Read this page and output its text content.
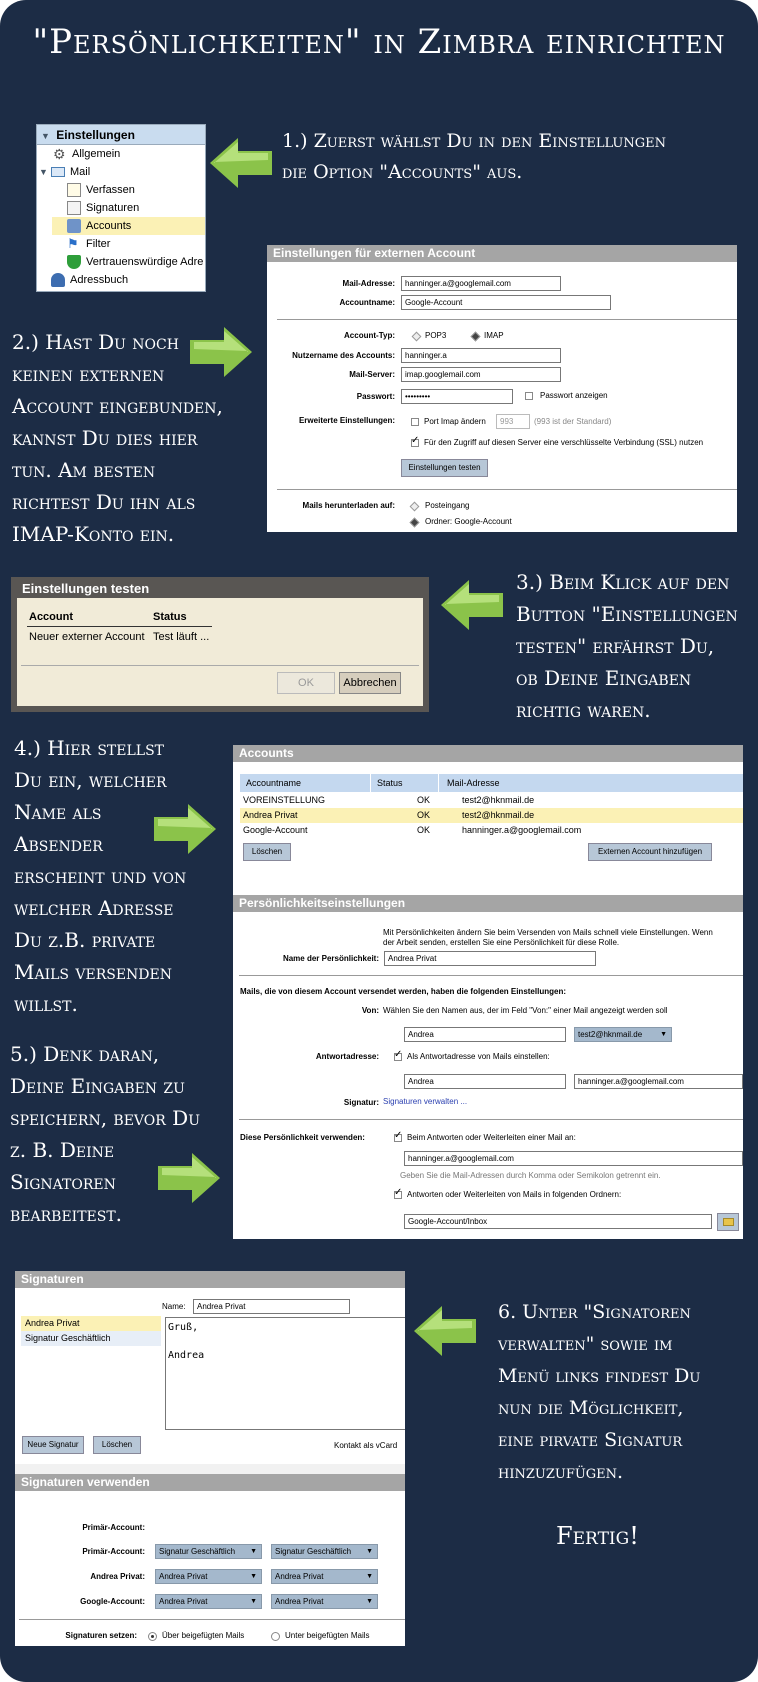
"Persönlichkeiten" in Zimbra einrichten
▼ Einstellungen
⚙ Allgemein
▼ Mail
Verfassen
Signaturen
Accounts
⚑ Filter
Vertrauenswürdige Adre
Adressbuch
1.) Zuerst wählst Du in den Einstellungen
die Option "Accounts" aus.
2.) Hast Du noch
keinen externen
Account eingebunden,
kannst Du dies hier
tun. Am besten
richtest Du ihn als
IMAP-Konto ein.
Einstellungen für externen Account
Mail-Adresse:	hanninger.a@googlemail.com
Accountname:	Google-Account
Account-Typ:	POP3	IMAP
Nutzername des Accounts:	hanninger.a
Mail-Server:	imap.googlemail.com
Passwort:	•••••••••	Passwort anzeigen
Erweiterte Einstellungen:	Port Imap ändern	993	(993 ist der Standard)
✓
Für den Zugriff auf diesen Server eine verschlüsselte Verbindung (SSL) nutzen
Einstellungen testen
Mails herunterladen auf:	Posteingang
Ordner: Google-Account
Einstellungen testen
Account	Status
Neuer externer Account Test läuft ...
OK	Abbrechen
3.) Beim Klick auf den
Button "Einstellungen
testen" erfährst Du,
ob Deine Eingaben
richtig waren.
4.) Hier stellst
Du ein, welcher
Name als
Absender
erscheint und von
welcher Adresse
Du z.B. private
Mails versenden
willst.
5.) Denk daran,
Deine Eingaben zu
speichern, bevor Du
z. B. Deine
Signatoren
bearbeitest.
Accounts
Accountname	Status	Mail-Adresse
VOREINSTELLUNG	OK	test2@hknmail.de
Andrea Privat	OK	test2@hknmail.de
Google-Account	OK	hanninger.a@googlemail.com
Löschen	Externen Account hinzufügen
Persönlichkeitseinstellungen
Mit Persönlichkeiten ändern Sie beim Versenden von Mails schnell viele Einstellungen. Wenn
der Arbeit senden, erstellen Sie eine Persönlichkeit für diese Rolle.
Name der Persönlichkeit:	Andrea Privat
Mails, die von diesem Account versendet werden, haben die folgenden Einstellungen:
Von: Wählen Sie den Namen aus, der im Feld "Von:" einer Mail angezeigt werden soll
Andrea	test2@hknmail.de ▼
Antwortadresse: ✓	Als Antwortadresse von Mails einstellen:
Andrea	hanninger.a@googlemail.com
Signatur: Signaturen verwalten ...
Diese Persönlichkeit verwenden: ✓	Beim Antworten oder Weiterleiten einer Mail an:
hanninger.a@googlemail.com
Geben Sie die Mail-Adressen durch Komma oder Semikolon getrennt ein.
✓
Antworten oder Weiterleiten von Mails in folgenden Ordnern:
Google-Account/Inbox
Signaturen
Andrea Privat
Signatur Geschäftlich
Name:	Andrea Privat
Gruß,
Andrea
Neue Signatur	Löschen	Kontakt als vCard
Signaturen verwenden
Primär-Account:
Primär-Account:	Signatur Geschäftlich ▼	Signatur Geschäftlich ▼
Andrea Privat:	Andrea Privat ▼	Andrea Privat ▼
Google-Account:	Andrea Privat ▼	Andrea Privat ▼
Signaturen setzen:	Über beigefügten Mails	Unter beigefügten Mails
6. Unter "Signatoren
verwalten" sowie im
Menü links findest Du
nun die Möglichkeit,
eine pirvate Signatur
hinzuzufügen.
Fertig!
